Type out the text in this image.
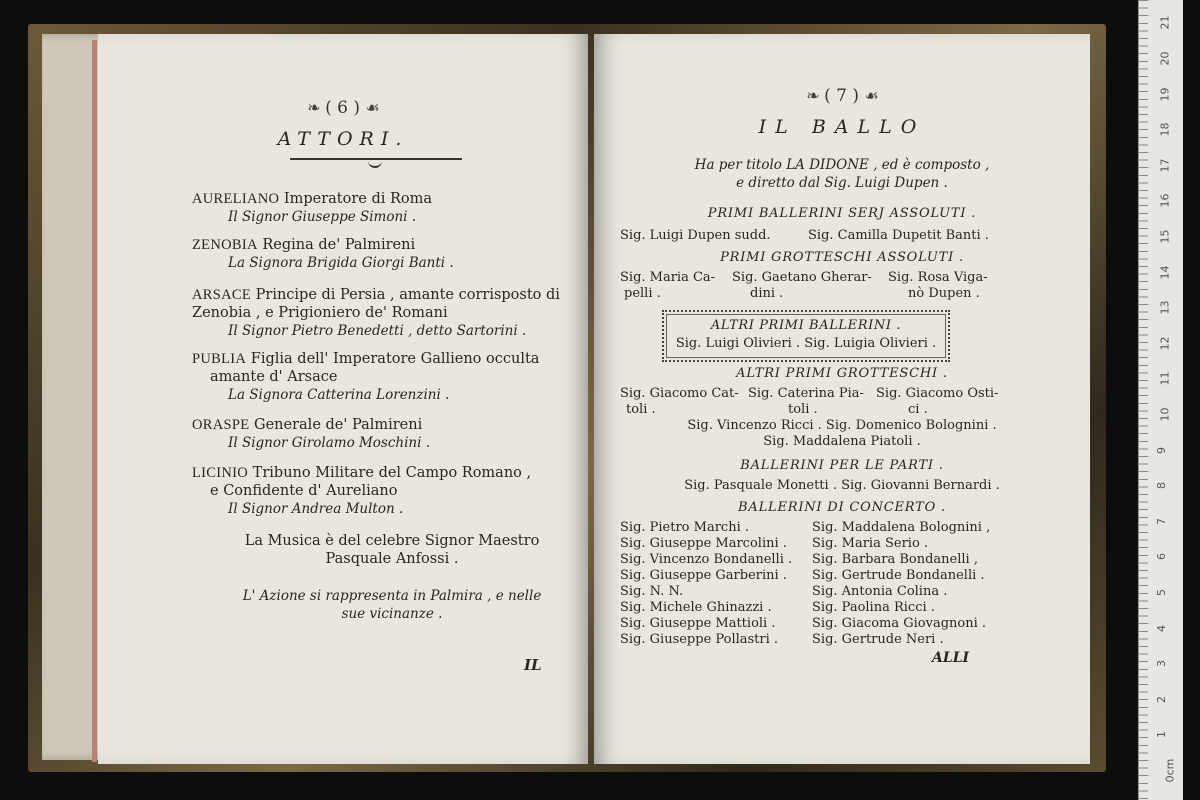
❧ ( 6 ) ☙
ATTORI.
AURELIANO Imperatore di Roma
Il Signor Giuseppe Simoni .
ZENOBIA Regina de' Palmireni
La Signora Brigida Giorgi Banti .
ARSACE Principe di Persia , amante corrisposto di
Zenobia , e Prigioniero de' Romani
Il Signor Pietro Benedetti , detto Sartorini .
PUBLIA Figlia dell' Imperatore Gallieno occulta
amante d' Arsace
La Signora Catterina Lorenzini .
ORASPE Generale de' Palmireni
Il Signor Girolamo Moschini .
LICINIO Tribuno Militare del Campo Romano ,
e Confidente d' Aureliano
Il Signor Andrea Multon .
La Musica è del celebre Signor Maestro
Pasquale Anfossi .
L' Azione si rappresenta in Palmira , e nelle
sue vicinanze .
IL
❧ ( 7 ) ☙
IL BALLO
Ha per titolo LA DIDONE , ed è composto ,
e diretto dal Sig. Luigi Dupen .
PRIMI BALLERINI SERJ ASSOLUTI .
Sig. Luigi Dupen sudd.	Sig. Camilla Dupetit Banti .
PRIMI GROTTESCHI ASSOLUTI .
Sig. Maria Ca-
pelli .
Sig. Gaetano Gherar-
dini .
Sig. Rosa Viga-
nò Dupen .
ALTRI PRIMI BALLERINI .
Sig. Luigi Olivieri . Sig. Luigia Olivieri .
ALTRI PRIMI GROTTESCHI .
Sig. Giacomo Cat-
toli .
Sig. Caterina Pia-
toli .
Sig. Giacomo Osti-
ci .
Sig. Vincenzo Ricci . Sig. Domenico Bolognini .
Sig. Maddalena Piatoli .
BALLERINI PER LE PARTI .
Sig. Pasquale Monetti . Sig. Giovanni Bernardi .
BALLERINI DI CONCERTO .
Sig. Pietro Marchi .
Sig. Giuseppe Marcolini .
Sig. Vincenzo Bondanelli .
Sig. Giuseppe Garberini .
Sig. N. N.
Sig. Michele Ghinazzi .
Sig. Giuseppe Mattioli .
Sig. Giuseppe Pollastri .
Sig. Maddalena Bolognini ,
Sig. Maria Serio .
Sig. Barbara Bondanelli ,
Sig. Gertrude Bondanelli .
Sig. Antonia Colina .
Sig. Paolina Ricci .
Sig. Giacoma Giovagnoni .
Sig. Gertrude Neri .
ALLI
0cm
1
2
3
4
5
6
7
8
9
10
11
12
13
14
15
16
17
18
19
20
21
